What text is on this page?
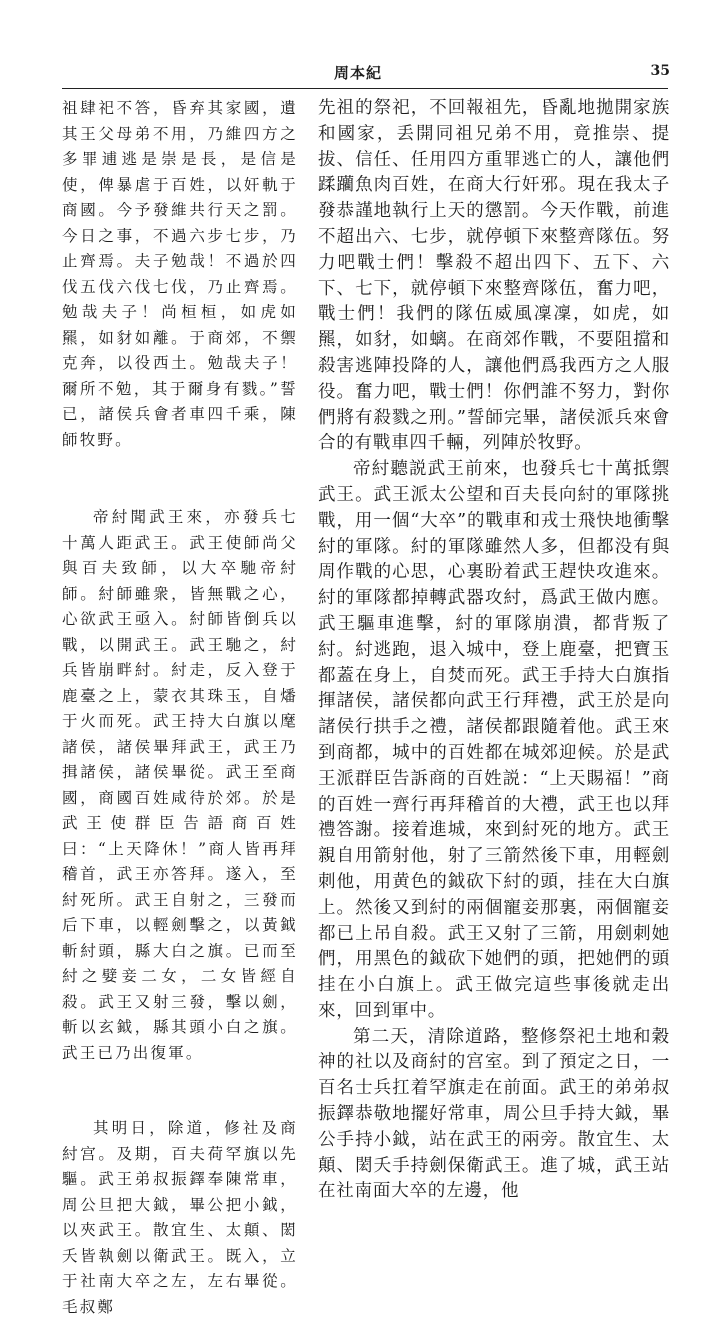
周本紀	35

祖肆祀不答，昏弃其家國，遺其王父母弟不用，乃維四方之多罪逋逃是崇是長，是信是使，俾暴虐于百姓，以奸軌于商國。今予發維共行天之罰。今日之事，不過六步七步，乃止齊焉。夫子勉哉！不過於四伐五伐六伐七伐，乃止齊焉。勉哉夫子！尚桓桓，如虎如羆，如豺如離。于商郊，不禦克奔，以役西土。勉哉夫子！爾所不勉，其于爾身有戮。”誓已，諸侯兵會者車四千乘，陳師牧野。

帝紂聞武王來，亦發兵七十萬人距武王。武王使師尚父與百夫致師，以大卒馳帝紂師。紂師雖衆，皆無戰之心，心欲武王亟入。紂師皆倒兵以戰，以開武王。武王馳之，紂兵皆崩畔紂。紂走，反入登于鹿臺之上，蒙衣其珠玉，自燔于火而死。武王持大白旗以麾諸侯，諸侯畢拜武王，武王乃揖諸侯，諸侯畢從。武王至商國，商國百姓咸待於郊。於是武王使群臣告語商百姓曰：“上天降休！”商人皆再拜稽首，武王亦答拜。遂入，至紂死所。武王自射之，三發而后下車，以輕劍擊之，以黃鉞斬紂頭，縣大白之旗。已而至紂之嬖妾二女，二女皆經自殺。武王又射三發，擊以劍，斬以玄鉞，縣其頭小白之旗。武王已乃出復軍。

其明日，除道，修社及商紂宫。及期，百夫荷罕旗以先驅。武王弟叔振鐸奉陳常車，周公旦把大鉞，畢公把小鉞，以夾武王。散宜生、太顛、閎夭皆執劍以衛武王。既入，立于社南大卒之左，左右畢從。毛叔鄭

先祖的祭祀，不回報祖先，昏亂地拋開家族和國家，丢開同祖兄弟不用，竟推崇、提拔、信任、任用四方重罪逃亡的人，讓他們蹂躪魚肉百姓，在商大行奸邪。現在我太子發恭謹地執行上天的懲罰。今天作戰，前進不超出六、七步，就停頓下來整齊隊伍。努力吧戰士們！擊殺不超出四下、五下、六下、七下，就停頓下來整齊隊伍，奮力吧，戰士們！我們的隊伍威風凜凜，如虎，如羆，如豺，如螭。在商郊作戰，不要阻擋和殺害逃陣投降的人，讓他們爲我西方之人服役。奮力吧，戰士們！你們誰不努力，對你們將有殺戮之刑。”誓師完畢，諸侯派兵來會合的有戰車四千輛，列陣於牧野。

帝紂聽説武王前來，也發兵七十萬抵禦武王。武王派太公望和百夫長向紂的軍隊挑戰，用一個“大卒”的戰車和戎士飛快地衝擊紂的軍隊。紂的軍隊雖然人多，但都没有與周作戰的心思，心裏盼着武王趕快攻進來。紂的軍隊都掉轉武器攻紂，爲武王做内應。武王驅車進擊，紂的軍隊崩潰，都背叛了紂。紂逃跑，退入城中，登上鹿臺，把寶玉都蓋在身上，自焚而死。武王手持大白旗指揮諸侯，諸侯都向武王行拜禮，武王於是向諸侯行拱手之禮，諸侯都跟隨着他。武王來到商都，城中的百姓都在城郊迎候。於是武王派群臣告訴商的百姓説：“上天賜福！”商的百姓一齊行再拜稽首的大禮，武王也以拜禮答謝。接着進城，來到紂死的地方。武王親自用箭射他，射了三箭然後下車，用輕劍刺他，用黄色的鉞砍下紂的頭，挂在大白旗上。然後又到紂的兩個寵妾那裏，兩個寵妾都已上吊自殺。武王又射了三箭，用劍刺她們，用黑色的鉞砍下她們的頭，把她們的頭挂在小白旗上。武王做完這些事後就走出來，回到軍中。

第二天，清除道路，整修祭祀土地和穀神的社以及商紂的宫室。到了預定之日，一百名士兵扛着罕旗走在前面。武王的弟弟叔振鐸恭敬地擺好常車，周公旦手持大鉞，畢公手持小鉞，站在武王的兩旁。散宜生、太顛、閎夭手持劍保衛武王。進了城，武王站在社南面大卒的左邊，他
